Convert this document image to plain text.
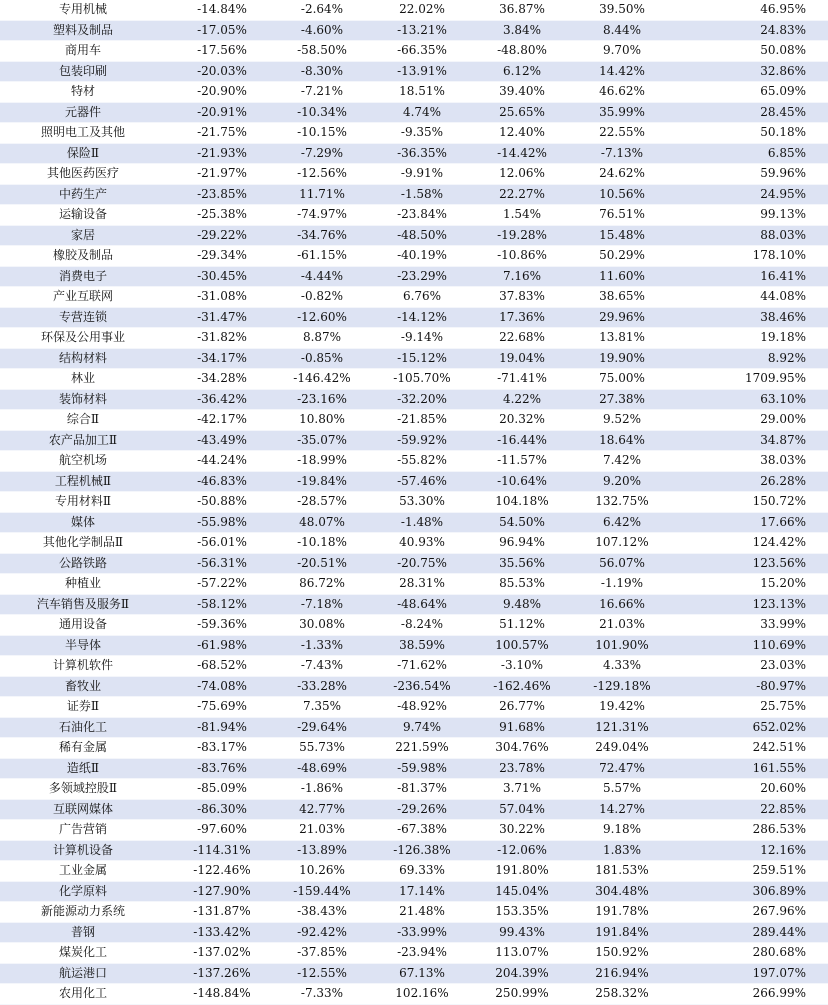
专用机械	-14.84%	-2.64%	22.02%	36.87%	39.50%	46.95%
塑料及制品	-17.05%	-4.60%	-13.21%	3.84%	8.44%	24.83%
商用车	-17.56%	-58.50%	-66.35%	-48.80%	9.70%	50.08%
包装印刷	-20.03%	-8.30%	-13.91%	6.12%	14.42%	32.86%
特材	-20.90%	-7.21%	18.51%	39.40%	46.62%	65.09%
元器件	-20.91%	-10.34%	4.74%	25.65%	35.99%	28.45%
照明电工及其他	-21.75%	-10.15%	-9.35%	12.40%	22.55%	50.18%
保险Ⅱ	-21.93%	-7.29%	-36.35%	-14.42%	-7.13%	6.85%
其他医药医疗	-21.97%	-12.56%	-9.91%	12.06%	24.62%	59.96%
中药生产	-23.85%	11.71%	-1.58%	22.27%	10.56%	24.95%
运输设备	-25.38%	-74.97%	-23.84%	1.54%	76.51%	99.13%
家居	-29.22%	-34.76%	-48.50%	-19.28%	15.48%	88.03%
橡胶及制品	-29.34%	-61.15%	-40.19%	-10.86%	50.29%	178.10%
消费电子	-30.45%	-4.44%	-23.29%	7.16%	11.60%	16.41%
产业互联网	-31.08%	-0.82%	6.76%	37.83%	38.65%	44.08%
专营连锁	-31.47%	-12.60%	-14.12%	17.36%	29.96%	38.46%
环保及公用事业	-31.82%	8.87%	-9.14%	22.68%	13.81%	19.18%
结构材料	-34.17%	-0.85%	-15.12%	19.04%	19.90%	8.92%
林业	-34.28%	-146.42%	-105.70%	-71.41%	75.00%	1709.95%
装饰材料	-36.42%	-23.16%	-32.20%	4.22%	27.38%	63.10%
综合Ⅱ	-42.17%	10.80%	-21.85%	20.32%	9.52%	29.00%
农产品加工Ⅱ	-43.49%	-35.07%	-59.92%	-16.44%	18.64%	34.87%
航空机场	-44.24%	-18.99%	-55.82%	-11.57%	7.42%	38.03%
工程机械Ⅱ	-46.83%	-19.84%	-57.46%	-10.64%	9.20%	26.28%
专用材料Ⅱ	-50.88%	-28.57%	53.30%	104.18%	132.75%	150.72%
媒体	-55.98%	48.07%	-1.48%	54.50%	6.42%	17.66%
其他化学制品Ⅱ	-56.01%	-10.18%	40.93%	96.94%	107.12%	124.42%
公路铁路	-56.31%	-20.51%	-20.75%	35.56%	56.07%	123.56%
种植业	-57.22%	86.72%	28.31%	85.53%	-1.19%	15.20%
汽车销售及服务Ⅱ	-58.12%	-7.18%	-48.64%	9.48%	16.66%	123.13%
通用设备	-59.36%	30.08%	-8.24%	51.12%	21.03%	33.99%
半导体	-61.98%	-1.33%	38.59%	100.57%	101.90%	110.69%
计算机软件	-68.52%	-7.43%	-71.62%	-3.10%	4.33%	23.03%
畜牧业	-74.08%	-33.28%	-236.54%	-162.46%	-129.18%	-80.97%
证券Ⅱ	-75.69%	7.35%	-48.92%	26.77%	19.42%	25.75%
石油化工	-81.94%	-29.64%	9.74%	91.68%	121.31%	652.02%
稀有金属	-83.17%	55.73%	221.59%	304.76%	249.04%	242.51%
造纸Ⅱ	-83.76%	-48.69%	-59.98%	23.78%	72.47%	161.55%
多领域控股Ⅱ	-85.09%	-1.86%	-81.37%	3.71%	5.57%	20.60%
互联网媒体	-86.30%	42.77%	-29.26%	57.04%	14.27%	22.85%
广告营销	-97.60%	21.03%	-67.38%	30.22%	9.18%	286.53%
计算机设备	-114.31%	-13.89%	-126.38%	-12.06%	1.83%	12.16%
工业金属	-122.46%	10.26%	69.33%	191.80%	181.53%	259.51%
化学原料	-127.90%	-159.44%	17.14%	145.04%	304.48%	306.89%
新能源动力系统	-131.87%	-38.43%	21.48%	153.35%	191.78%	267.96%
普钢	-133.42%	-92.42%	-33.99%	99.43%	191.84%	289.44%
煤炭化工	-137.02%	-37.85%	-23.94%	113.07%	150.92%	280.68%
航运港口	-137.26%	-12.55%	67.13%	204.39%	216.94%	197.07%
农用化工	-148.84%	-7.33%	102.16%	250.99%	258.32%	266.99%
